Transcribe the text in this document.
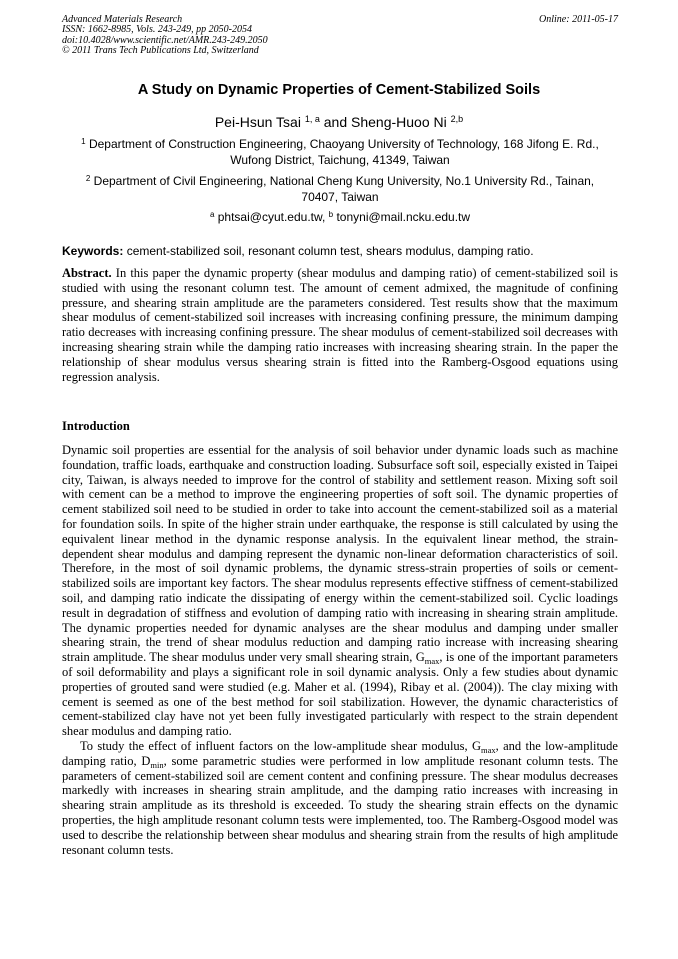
Advanced Materials Research
ISSN: 1662-8985, Vols. 243-249, pp 2050-2054
doi:10.4028/www.scientific.net/AMR.243-249.2050
© 2011 Trans Tech Publications Ltd, Switzerland
Online: 2011-05-17
A Study on Dynamic Properties of Cement-Stabilized Soils
Pei-Hsun Tsai $^{1, a}$ and Sheng-Huoo Ni $^{2,b}$
$^1$ Department of Construction Engineering, Chaoyang University of Technology, 168 Jifong E. Rd.,
Wufong District, Taichung, 41349, Taiwan
$^2$ Department of Civil Engineering, National Cheng Kung University, No.1 University Rd., Tainan,
70407, Taiwan
$^a$ phtsai@cyut.edu.tw, $^b$ tonyni@mail.ncku.edu.tw
Keywords: cement-stabilized soil, resonant column test, shears modulus, damping ratio.
Abstract. In this paper the dynamic property (shear modulus and damping ratio) of cement-stabilized soil is studied with using the resonant column test. The amount of cement admixed, the magnitude of confining pressure, and shearing strain amplitude are the parameters considered. Test results show that the maximum shear modulus of cement-stabilized soil increases with increasing confining pressure, the minimum damping ratio decreases with increasing confining pressure. The shear modulus of cement-stabilized soil decreases with increasing shearing strain while the damping ratio increases with increasing shearing strain. In the paper the relationship of shear modulus versus shearing strain is fitted into the Ramberg-Osgood equations using regression analysis.
Introduction

Dynamic soil properties are essential for the analysis of soil behavior under dynamic loads such as machine foundation, traffic loads, earthquake and construction loading. Subsurface soft soil, especially existed in Taipei city, Taiwan, is always needed to improve for the control of stability and settlement reason. Mixing soft soil with cement can be a method to improve the engineering properties of soft soil. The dynamic properties of cement stabilized soil need to be studied in order to take into account the cement-stabilized soil as a material for foundation soils. In spite of the higher strain under earthquake, the response is still calculated by using the equivalent linear method in the dynamic response analysis. In the equivalent linear method, the strain-dependent shear modulus and damping represent the dynamic non-linear deformation characteristics of soil. Therefore, in the most of soil dynamic problems, the dynamic stress-strain properties of soils or cement-stabilized soils are important key factors. The shear modulus represents effective stiffness of cement-stabilized soil, and damping ratio indicate the dissipating of energy within the cement-stabilized soil. Cyclic loadings result in degradation of stiffness and evolution of damping ratio with increasing in shearing strain amplitude. The dynamic properties needed for dynamic analyses are the shear modulus and damping under smaller shearing strain, the trend of shear modulus reduction and damping ratio increase with increasing shearing strain amplitude. The shear modulus under very small shearing strain, $G_{max}$, is one of the important parameters of soil deformability and plays a significant role in soil dynamic analysis. Only a few studies about dynamic properties of grouted sand were studied (e.g. Maher et al. (1994), Ribay et al. (2004)). The clay mixing with cement is seemed as one of the best method for soil stabilization. However, the dynamic characteristics of cement-stabilized clay have not yet been fully investigated particularly with respect to the strain dependent shear modulus and damping ratio.

To study the effect of influent factors on the low-amplitude shear modulus, $G_{max}$, and the low-amplitude damping ratio, $D_{min}$, some parametric studies were performed in low amplitude resonant column tests. The parameters of cement-stabilized soil are cement content and confining pressure. The shear modulus decreases markedly with increases in shearing strain amplitude, and the damping ratio increases with increasing in shearing strain amplitude as its threshold is exceeded. To study the shearing strain effects on the dynamic properties, the high amplitude resonant column tests were implemented, too. The Ramberg-Osgood model was used to describe the relationship between shear modulus and shearing strain from the results of high amplitude resonant column tests.
